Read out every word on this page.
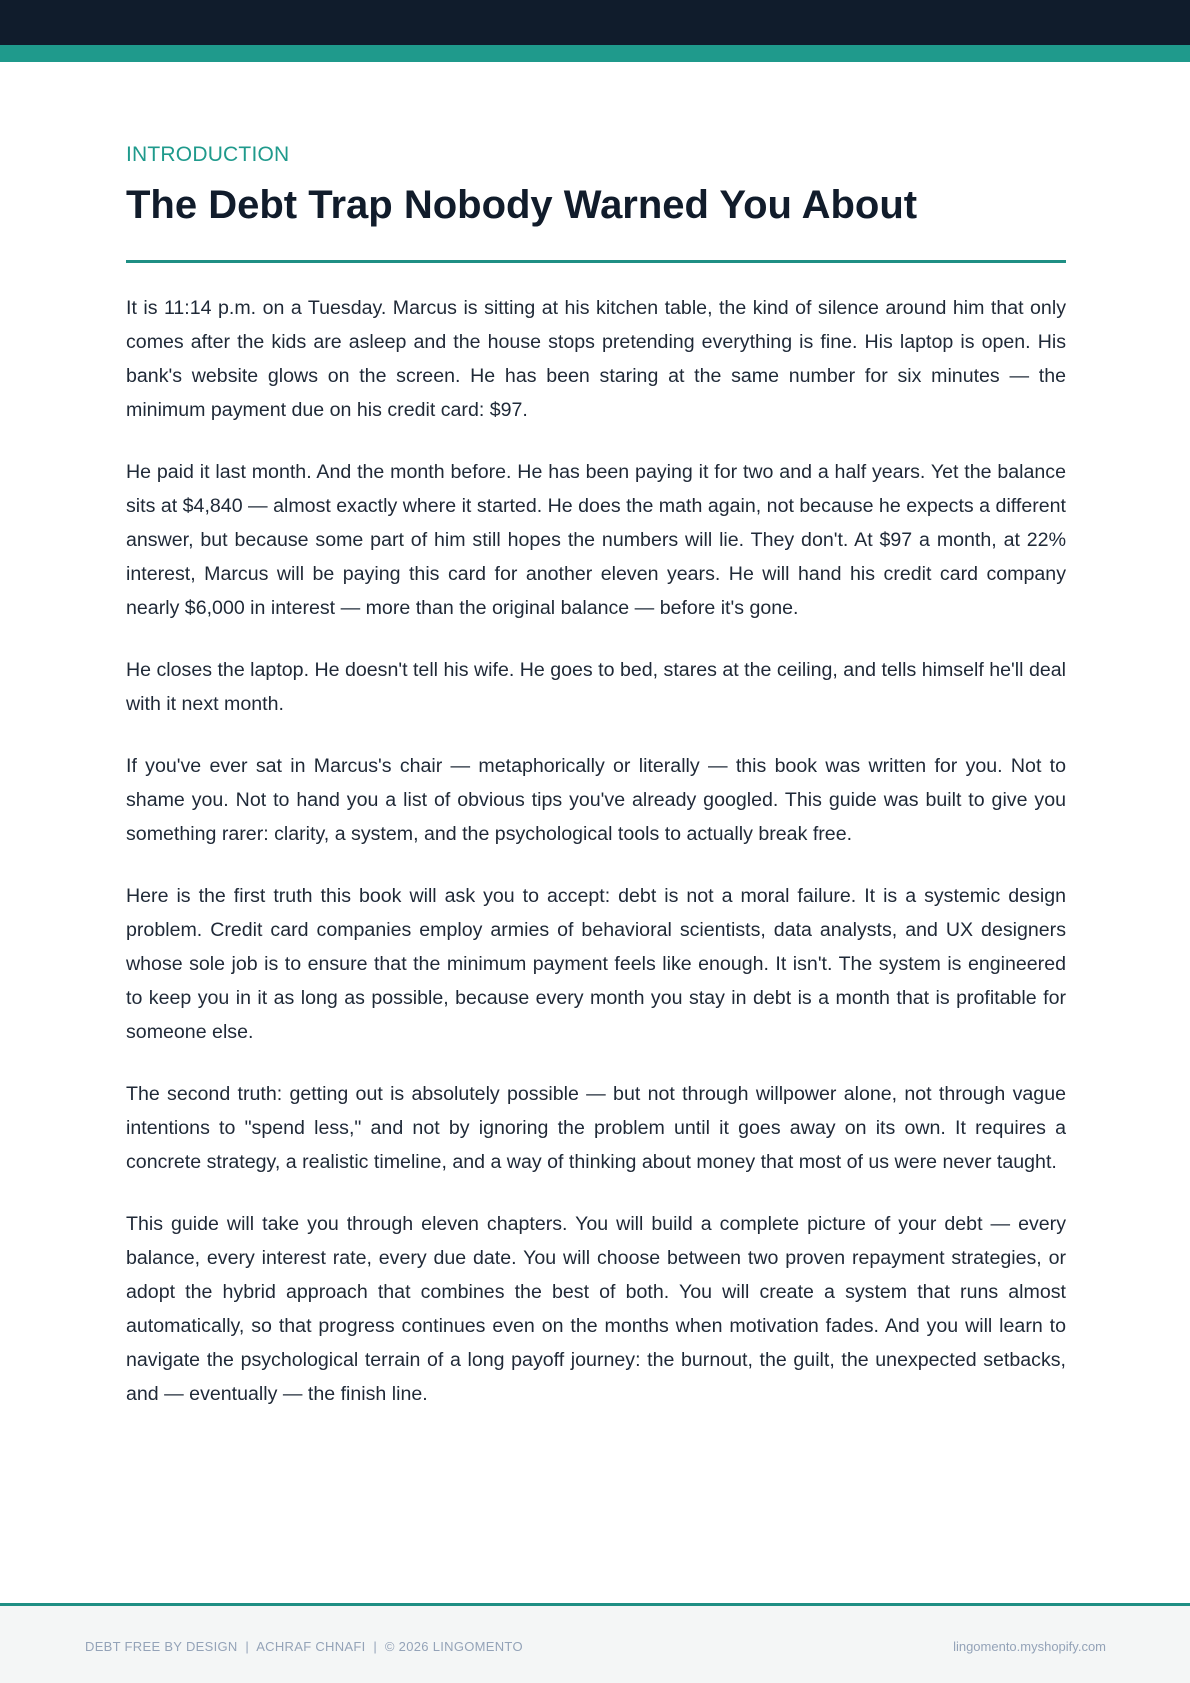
INTRODUCTION

The Debt Trap Nobody Warned You About

It is 11:14 p.m. on a Tuesday. Marcus is sitting at his kitchen table, the kind of silence around him that only comes after the kids are asleep and the house stops pretending everything is fine. His laptop is open. His bank's website glows on the screen. He has been staring at the same number for six minutes — the minimum payment due on his credit card: $97.

He paid it last month. And the month before. He has been paying it for two and a half years. Yet the balance sits at $4,840 — almost exactly where it started. He does the math again, not because he expects a different answer, but because some part of him still hopes the numbers will lie. They don't. At $97 a month, at 22% interest, Marcus will be paying this card for another eleven years. He will hand his credit card company nearly $6,000 in interest — more than the original balance — before it's gone.

He closes the laptop. He doesn't tell his wife. He goes to bed, stares at the ceiling, and tells himself he'll deal with it next month.

If you've ever sat in Marcus's chair — metaphorically or literally — this book was written for you. Not to shame you. Not to hand you a list of obvious tips you've already googled. This guide was built to give you something rarer: clarity, a system, and the psychological tools to actually break free.

Here is the first truth this book will ask you to accept: debt is not a moral failure. It is a systemic design problem. Credit card companies employ armies of behavioral scientists, data analysts, and UX designers whose sole job is to ensure that the minimum payment feels like enough. It isn't. The system is engineered to keep you in it as long as possible, because every month you stay in debt is a month that is profitable for someone else.

The second truth: getting out is absolutely possible — but not through willpower alone, not through vague intentions to "spend less," and not by ignoring the problem until it goes away on its own. It requires a concrete strategy, a realistic timeline, and a way of thinking about money that most of us were never taught.

This guide will take you through eleven chapters. You will build a complete picture of your debt — every balance, every interest rate, every due date. You will choose between two proven repayment strategies, or adopt the hybrid approach that combines the best of both. You will create a system that runs almost automatically, so that progress continues even on the months when motivation fades. And you will learn to navigate the psychological terrain of a long payoff journey: the burnout, the guilt, the unexpected setbacks, and — eventually — the finish line.

DEBT FREE BY DESIGN  |  ACHRAF CHNAFI  |  © 2026 LINGOMENTO	lingomento.myshopify.com
